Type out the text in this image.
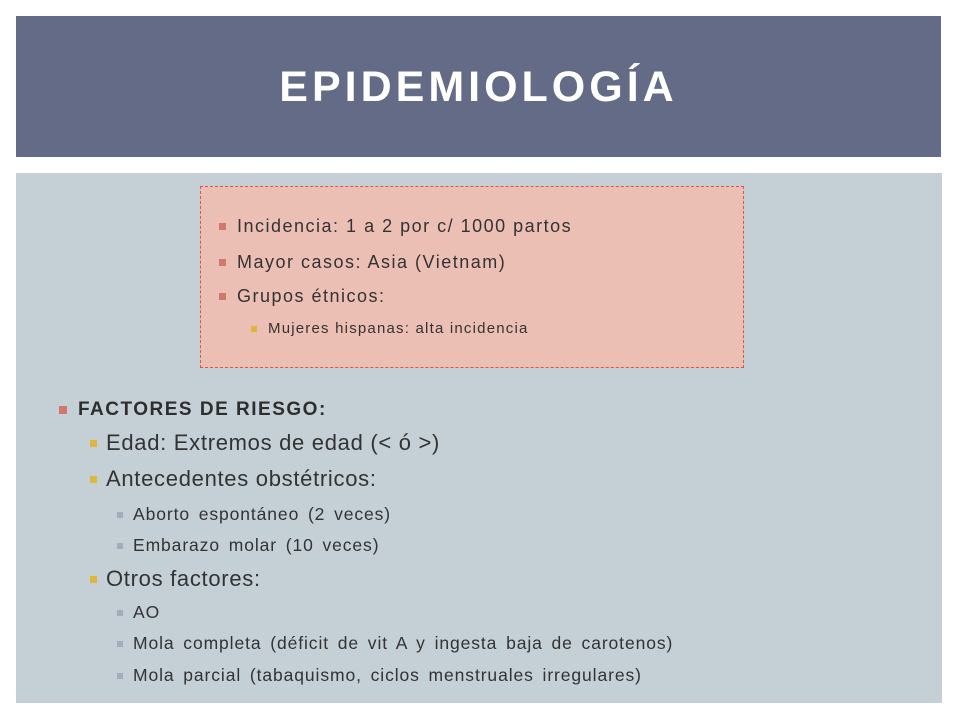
EPIDEMIOLOGÍA
Incidencia: 1 a 2 por c/ 1000 partos
Mayor casos: Asia (Vietnam)
Grupos étnicos:
Mujeres hispanas: alta incidencia
FACTORES DE RIESGO:
Edad: Extremos de edad (< ó >)
Antecedentes obstétricos:
Aborto espontáneo (2 veces)
Embarazo molar (10 veces)
Otros factores:
AO
Mola completa (déficit de vit A y ingesta baja de carotenos)
Mola parcial (tabaquismo, ciclos menstruales irregulares)
